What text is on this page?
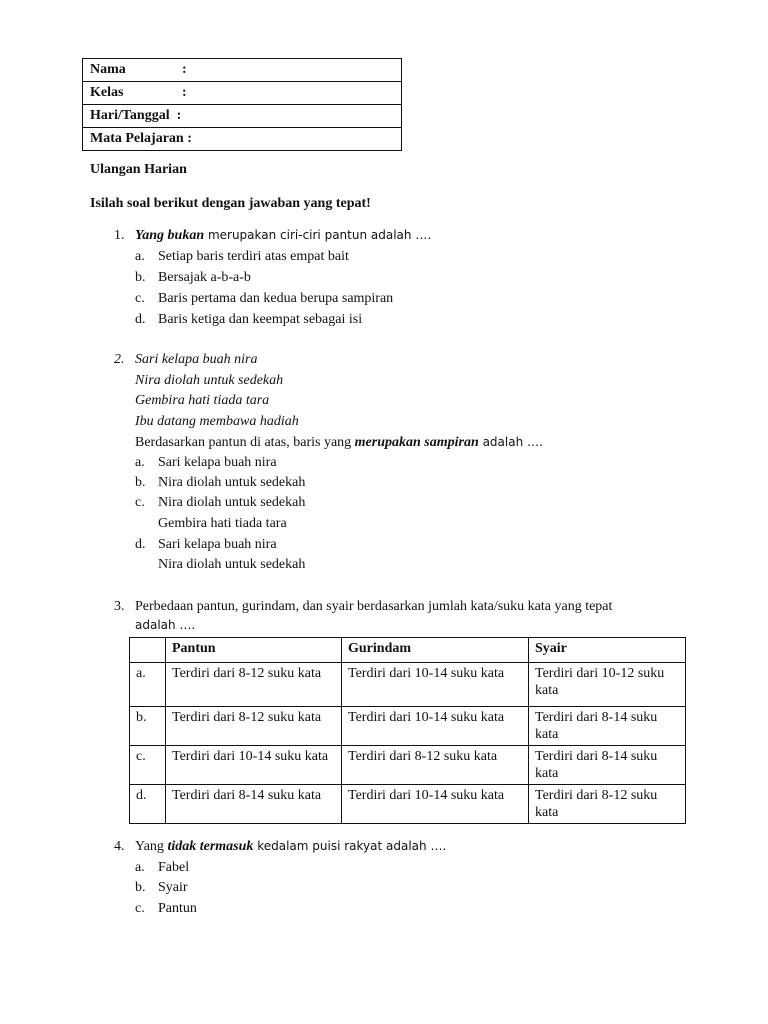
Nama	:
Kelas	:
Hari/Tanggal :
Mata Pelajaran :
Ulangan Harian
Isilah soal berikut dengan jawaban yang tepat!
1. Yang bukan merupakan ciri-ciri pantun adalah ….
a. Setiap baris terdiri atas empat bait
b. Bersajak a-b-a-b
c. Baris pertama dan kedua berupa sampiran
d. Baris ketiga dan keempat sebagai isi
2. Sari kelapa buah nira
Nira diolah untuk sedekah
Gembira hati tiada tara
Ibu datang membawa hadiah
Berdasarkan pantun di atas, baris yang merupakan sampiran adalah ….
a. Sari kelapa buah nira
b. Nira diolah untuk sedekah
c. Nira diolah untuk sedekah
Gembira hati tiada tara
d. Sari kelapa buah nira
Nira diolah untuk sedekah
3. Perbedaan pantun, gurindam, dan syair berdasarkan jumlah kata/suku kata yang tepat
adalah ….
	Pantun	Gurindam	Syair
a.	Terdiri dari 8-12 suku kata	Terdiri dari 10-14 suku kata	Terdiri dari 10-12 suku kata
b.	Terdiri dari 8-12 suku kata	Terdiri dari 10-14 suku kata	Terdiri dari 8-14 suku kata
c.	Terdiri dari 10-14 suku kata	Terdiri dari 8-12 suku kata	Terdiri dari 8-14 suku kata
d.	Terdiri dari 8-14 suku kata	Terdiri dari 10-14 suku kata	Terdiri dari 8-12 suku kata
4. Yang tidak termasuk kedalam puisi rakyat adalah ….
a. Fabel
b. Syair
c. Pantun
